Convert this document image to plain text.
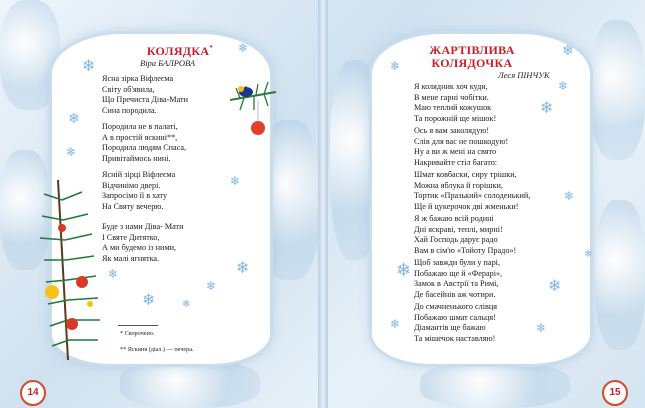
КОЛЯДКА*
Віра БАЛРОВА
Ясна зірка Віфлеєма
Світу об'явила,
Що Пречиста Діва-Мати
Сина породила.
Породила не в палаті,
А в простій яскині**,
Породила людям Спаса,
Привітаймось нині.
Ясній зірці Віфлеєма
Відчинімо двері.
Запросімо її в хату
На Святу вечерю.
Буде з нами Діва- Мати
І Святе Дитятко,
А ми будемо із ними,
Як малі ягнятка.
* Скорочено.
** Яскиня (діал.) — печера.
14
ЖАРТІВЛИВА
КОЛЯДОЧКА
Леся ПІНЧУК
Я колядник хоч куди,
В мене гарні чобітки.
Маю теплий кожушок
Та порожній ще мішок!
Ось я вам заколядую!
Слів для вас не пошкодую!
Ну а ви ж мені на свято
Накривайте стіл багато:
Шмат ковбаски, сиру трішки,
Можна яблука й горішки,
Тортик «Празький» солоденький,
Ще й цукерочок дві жменьки!
Я ж бажаю всій родині
Дні яскраві, теплі, мирні!
Хай Господь дарує радо
Вам в сім'ю «Тойоту Прадо»!
Щоб завжди були у парі,
Побажаю ще й «Ферарі»,
Замок в Австрії та Римі,
Де басейнів аж чотири.
До смачненького слівця
Побажаю шмат сальця!
Діамантів ще бажаю
Та мішечок наставляю!
15
❄
❄
❄
❄
❄
❄
❄
❄
❄
❄
❄
❄
❄
❄
❄
❄
❄
❄
❄
❄
